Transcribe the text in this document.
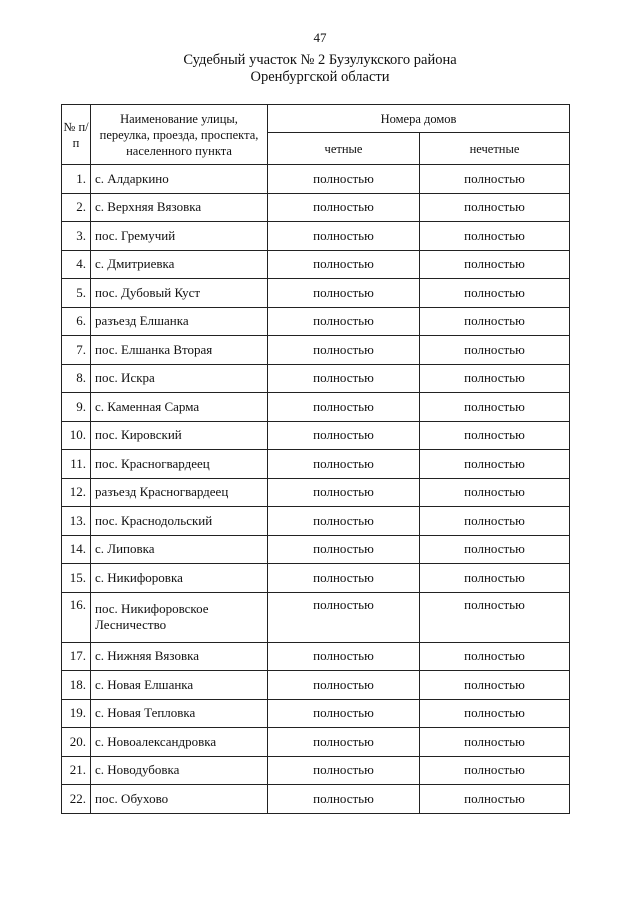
47
Судебный участок № 2 Бузулукского района
Оренбургской области
№ п/п	Наименование улицы, переулка, проезда, проспекта, населенного пункта	Номера домов	
		четные	нечетные
1.	с. Алдаркино	полностью	полностью
2.	с. Верхняя Вязовка	полностью	полностью
3.	пос. Гремучий	полностью	полностью
4.	с. Дмитриевка	полностью	полностью
5.	пос. Дубовый Куст	полностью	полностью
6.	разъезд Елшанка	полностью	полностью
7.	пос. Елшанка Вторая	полностью	полностью
8.	пос. Искра	полностью	полностью
9.	с. Каменная Сарма	полностью	полностью
10.	пос. Кировский	полностью	полностью
11.	пос. Красногвардеец	полностью	полностью
12.	разъезд Красногвардеец	полностью	полностью
13.	пос. Краснодольский	полностью	полностью
14.	с. Липовка	полностью	полностью
15.	с. Никифоровка	полностью	полностью
16.	пос. Никифоровское Лесничество	полностью	полностью
17.	с. Нижняя Вязовка	полностью	полностью
18.	с. Новая Елшанка	полностью	полностью
19.	с. Новая Тепловка	полностью	полностью
20.	с. Новоалександровка	полностью	полностью
21.	с. Новодубовка	полностью	полностью
22.	пос. Обухово	полностью	полностью
